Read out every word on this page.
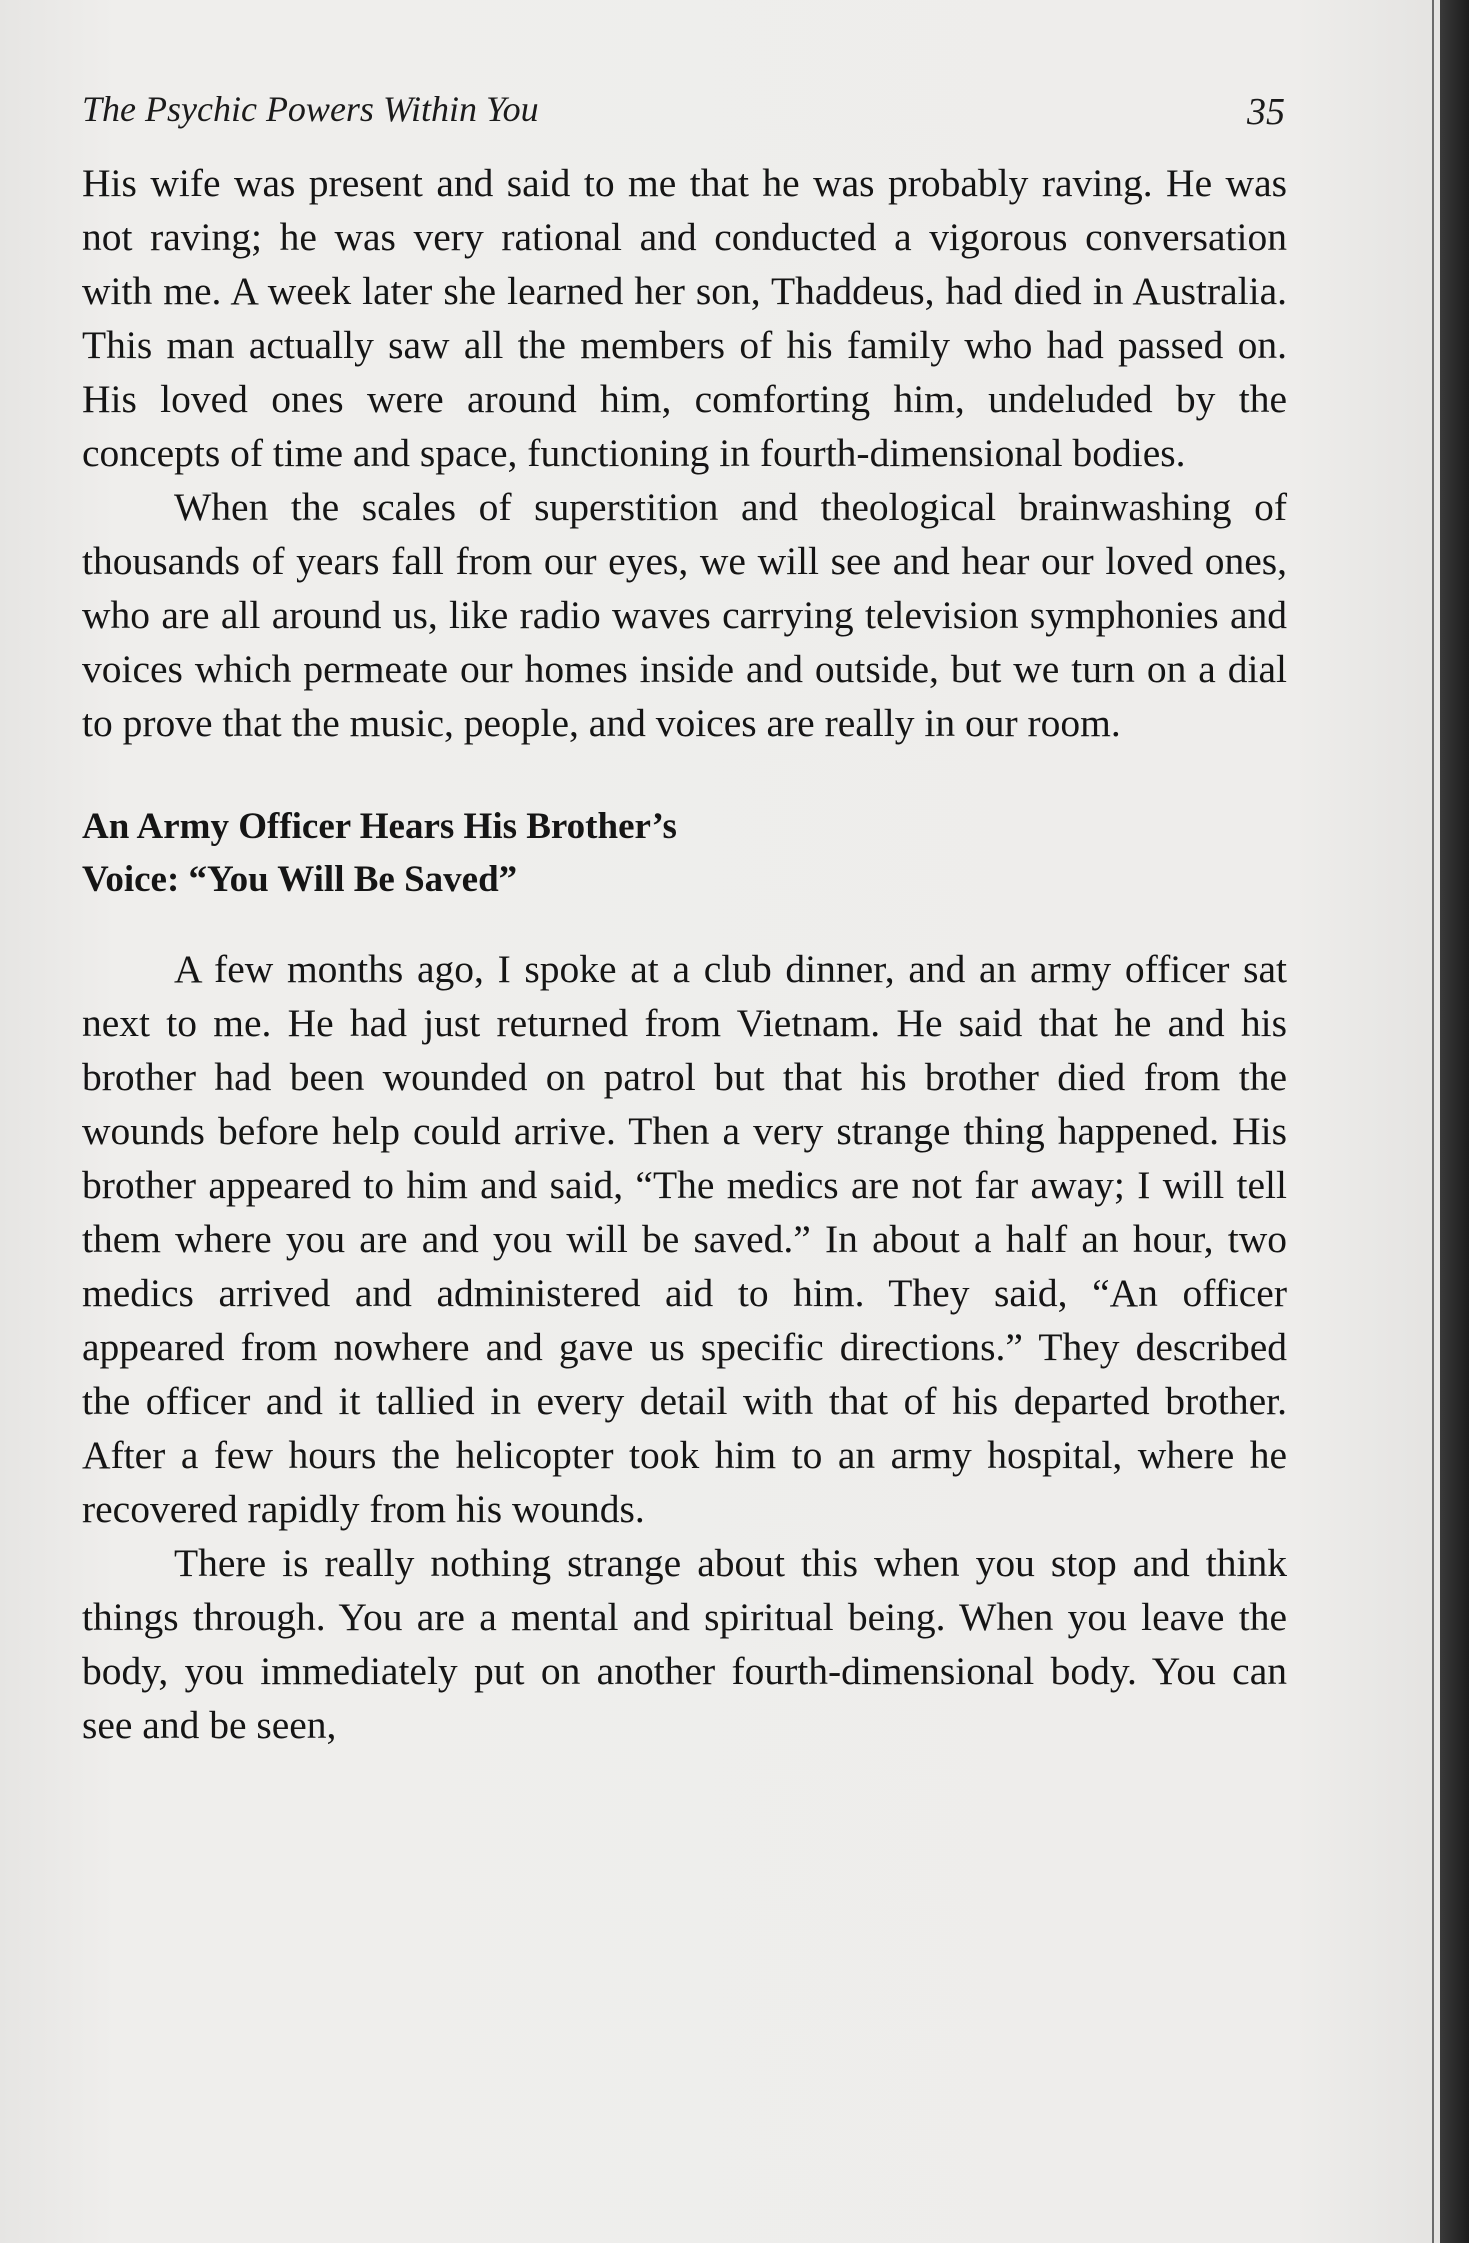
The Psychic Powers Within You	35

His wife was present and said to me that he was probably raving. He was not raving; he was very rational and conducted a vigorous conversation with me. A week later she learned her son, Thaddeus, had died in Australia. This man actually saw all the members of his family who had passed on. His loved ones were around him, comforting him, undeluded by the concepts of time and space, functioning in fourth-dimensional bodies.

When the scales of superstition and theological brainwashing of thousands of years fall from our eyes, we will see and hear our loved ones, who are all around us, like radio waves carrying television symphonies and voices which permeate our homes inside and outside, but we turn on a dial to prove that the music, people, and voices are really in our room.

An Army Officer Hears His Brother’s
Voice: “You Will Be Saved”

A few months ago, I spoke at a club dinner, and an army officer sat next to me. He had just returned from Vietnam. He said that he and his brother had been wounded on patrol but that his brother died from the wounds before help could arrive. Then a very strange thing happened. His brother appeared to him and said, “The medics are not far away; I will tell them where you are and you will be saved.” In about a half an hour, two medics arrived and administered aid to him. They said, “An officer appeared from nowhere and gave us specific directions.” They described the officer and it tallied in every detail with that of his departed brother. After a few hours the helicopter took him to an army hospital, where he recovered rapidly from his wounds.

There is really nothing strange about this when you stop and think things through. You are a mental and spiritual being. When you leave the body, you immediately put on another fourth-dimensional body. You can see and be seen,
